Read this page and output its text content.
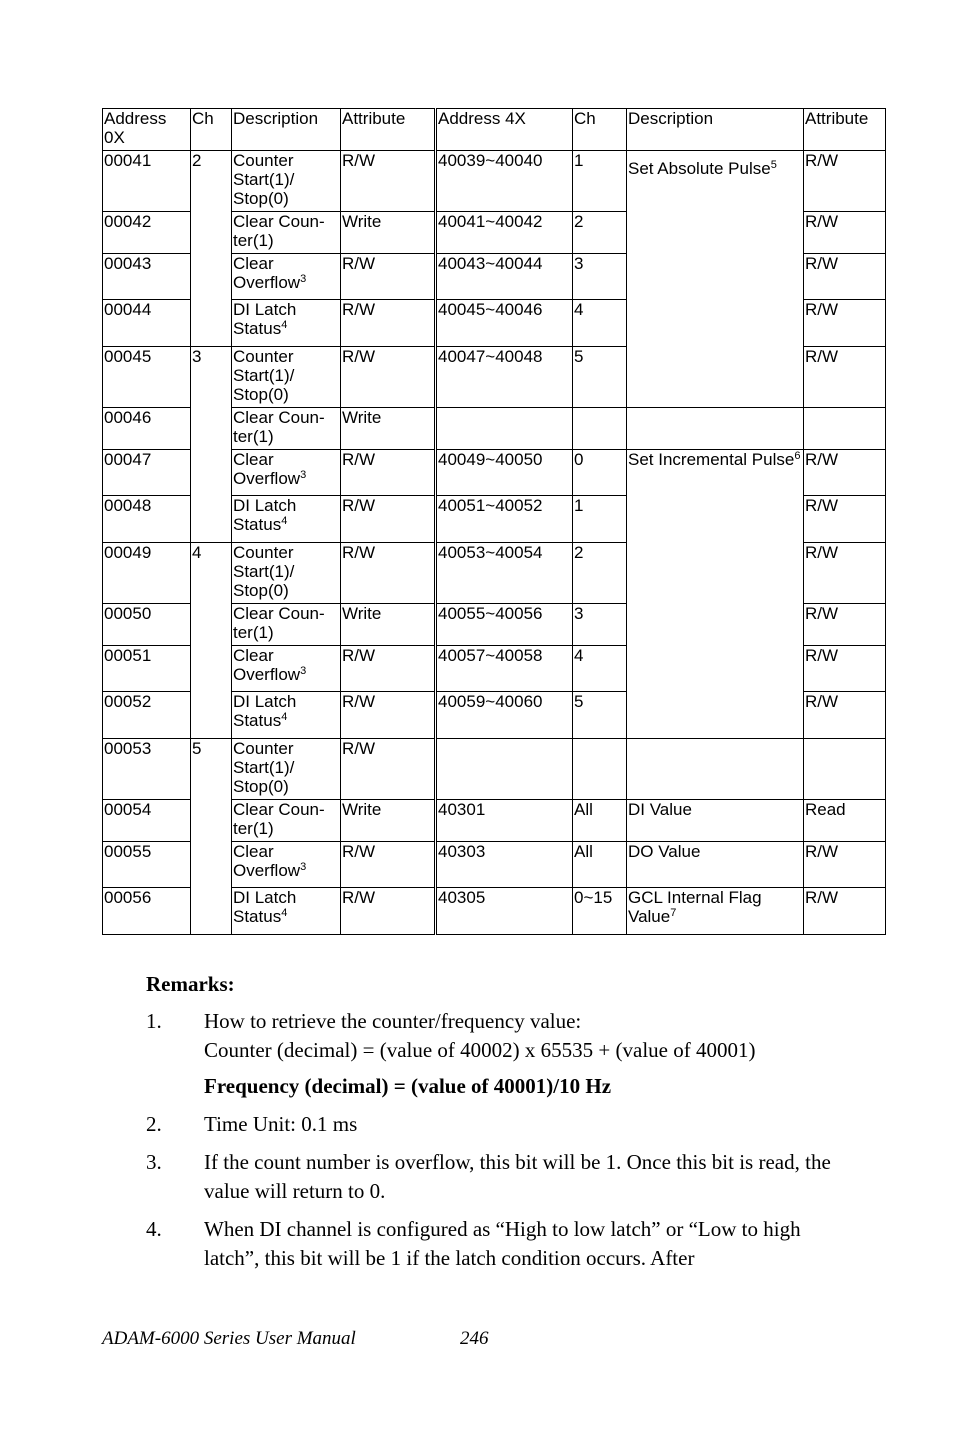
Address 0X	Ch	Description	Attribute	Address 4X	Ch	Description	Attribute
00041	2	Counter Start(1)/ Stop(0)	R/W	40039~40040	1	Set Absolute Pulse$^5$	R/W
00042		Clear Coun-ter(1)	Write	40041~40042	2		R/W
00043		Clear Overflow$^3$	R/W	40043~40044	3		R/W
00044		DI Latch Status$^4$	R/W	40045~40046	4		R/W
00045	3	Counter Start(1)/ Stop(0)	R/W	40047~40048	5		R/W
00046		Clear Coun-ter(1)	Write				
00047		Clear Overflow$^3$	R/W	40049~40050	0	Set Incremental Pulse$^6$	R/W
00048		DI Latch Status$^4$	R/W	40051~40052	1		R/W
00049	4	Counter Start(1)/ Stop(0)	R/W	40053~40054	2		R/W
00050		Clear Coun-ter(1)	Write	40055~40056	3		R/W
00051		Clear Overflow$^3$	R/W	40057~40058	4		R/W
00052		DI Latch Status$^4$	R/W	40059~40060	5		R/W
00053	5	Counter Start(1)/ Stop(0)	R/W				
00054		Clear Coun-ter(1)	Write	40301	All	DI Value	Read
00055		Clear Overflow$^3$	R/W	40303	All	DO Value	R/W
00056		DI Latch Status$^4$	R/W	40305	0~15	GCL Internal Flag Value$^7$	R/W
Remarks:
1.	How to retrieve the counter/frequency value:
Counter (decimal) = (value of 40002) x 65535 + (value of 40001)
Frequency (decimal) = (value of 40001)/10 Hz
2.	Time Unit: 0.1 ms
3.	If the count number is overflow, this bit will be 1. Once this bit is read, the value will return to 0.
4.	When DI channel is configured as “High to low latch” or “Low to high latch”, this bit will be 1 if the latch condition occurs. After
ADAM-6000 Series User Manual	246
